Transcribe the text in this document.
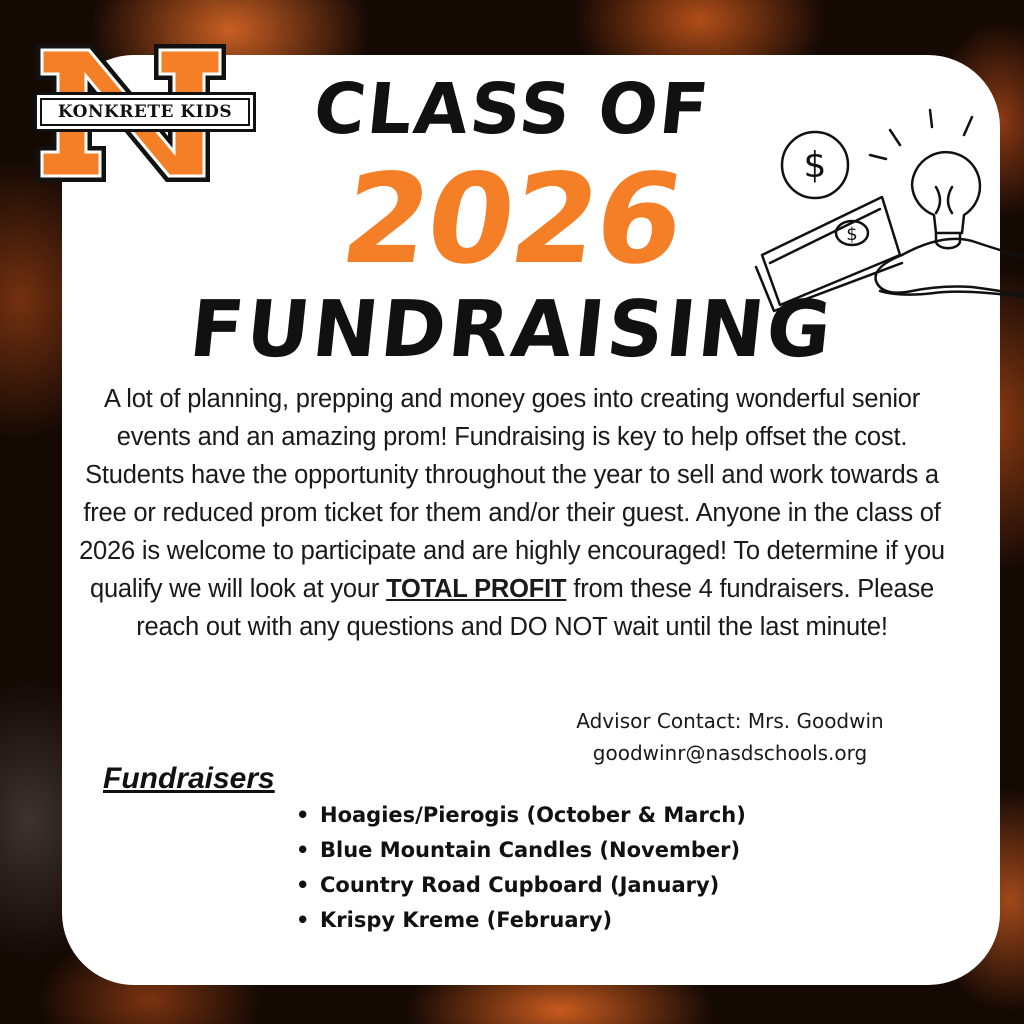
KONKRETE KIDS	CLASS OF
2026
FUNDRAISING
$
$
A lot of planning, prepping and money goes into creating wonderful senior events and an amazing prom! Fundraising is key to help offset the cost. Students have the opportunity throughout the year to sell and work towards a free or reduced prom ticket for them and/or their guest. Anyone in the class of 2026 is welcome to participate and are highly encouraged! To determine if you qualify we will look at your TOTAL PROFIT from these 4 fundraisers. Please reach out with any questions and DO NOT wait until the last minute!
Advisor Contact: Mrs. Goodwin
goodwinr@nasdschools.org
Fundraisers
• Hoagies/Pierogis (October & March)
• Blue Mountain Candles (November)
• Country Road Cupboard (January)
• Krispy Kreme (February)
